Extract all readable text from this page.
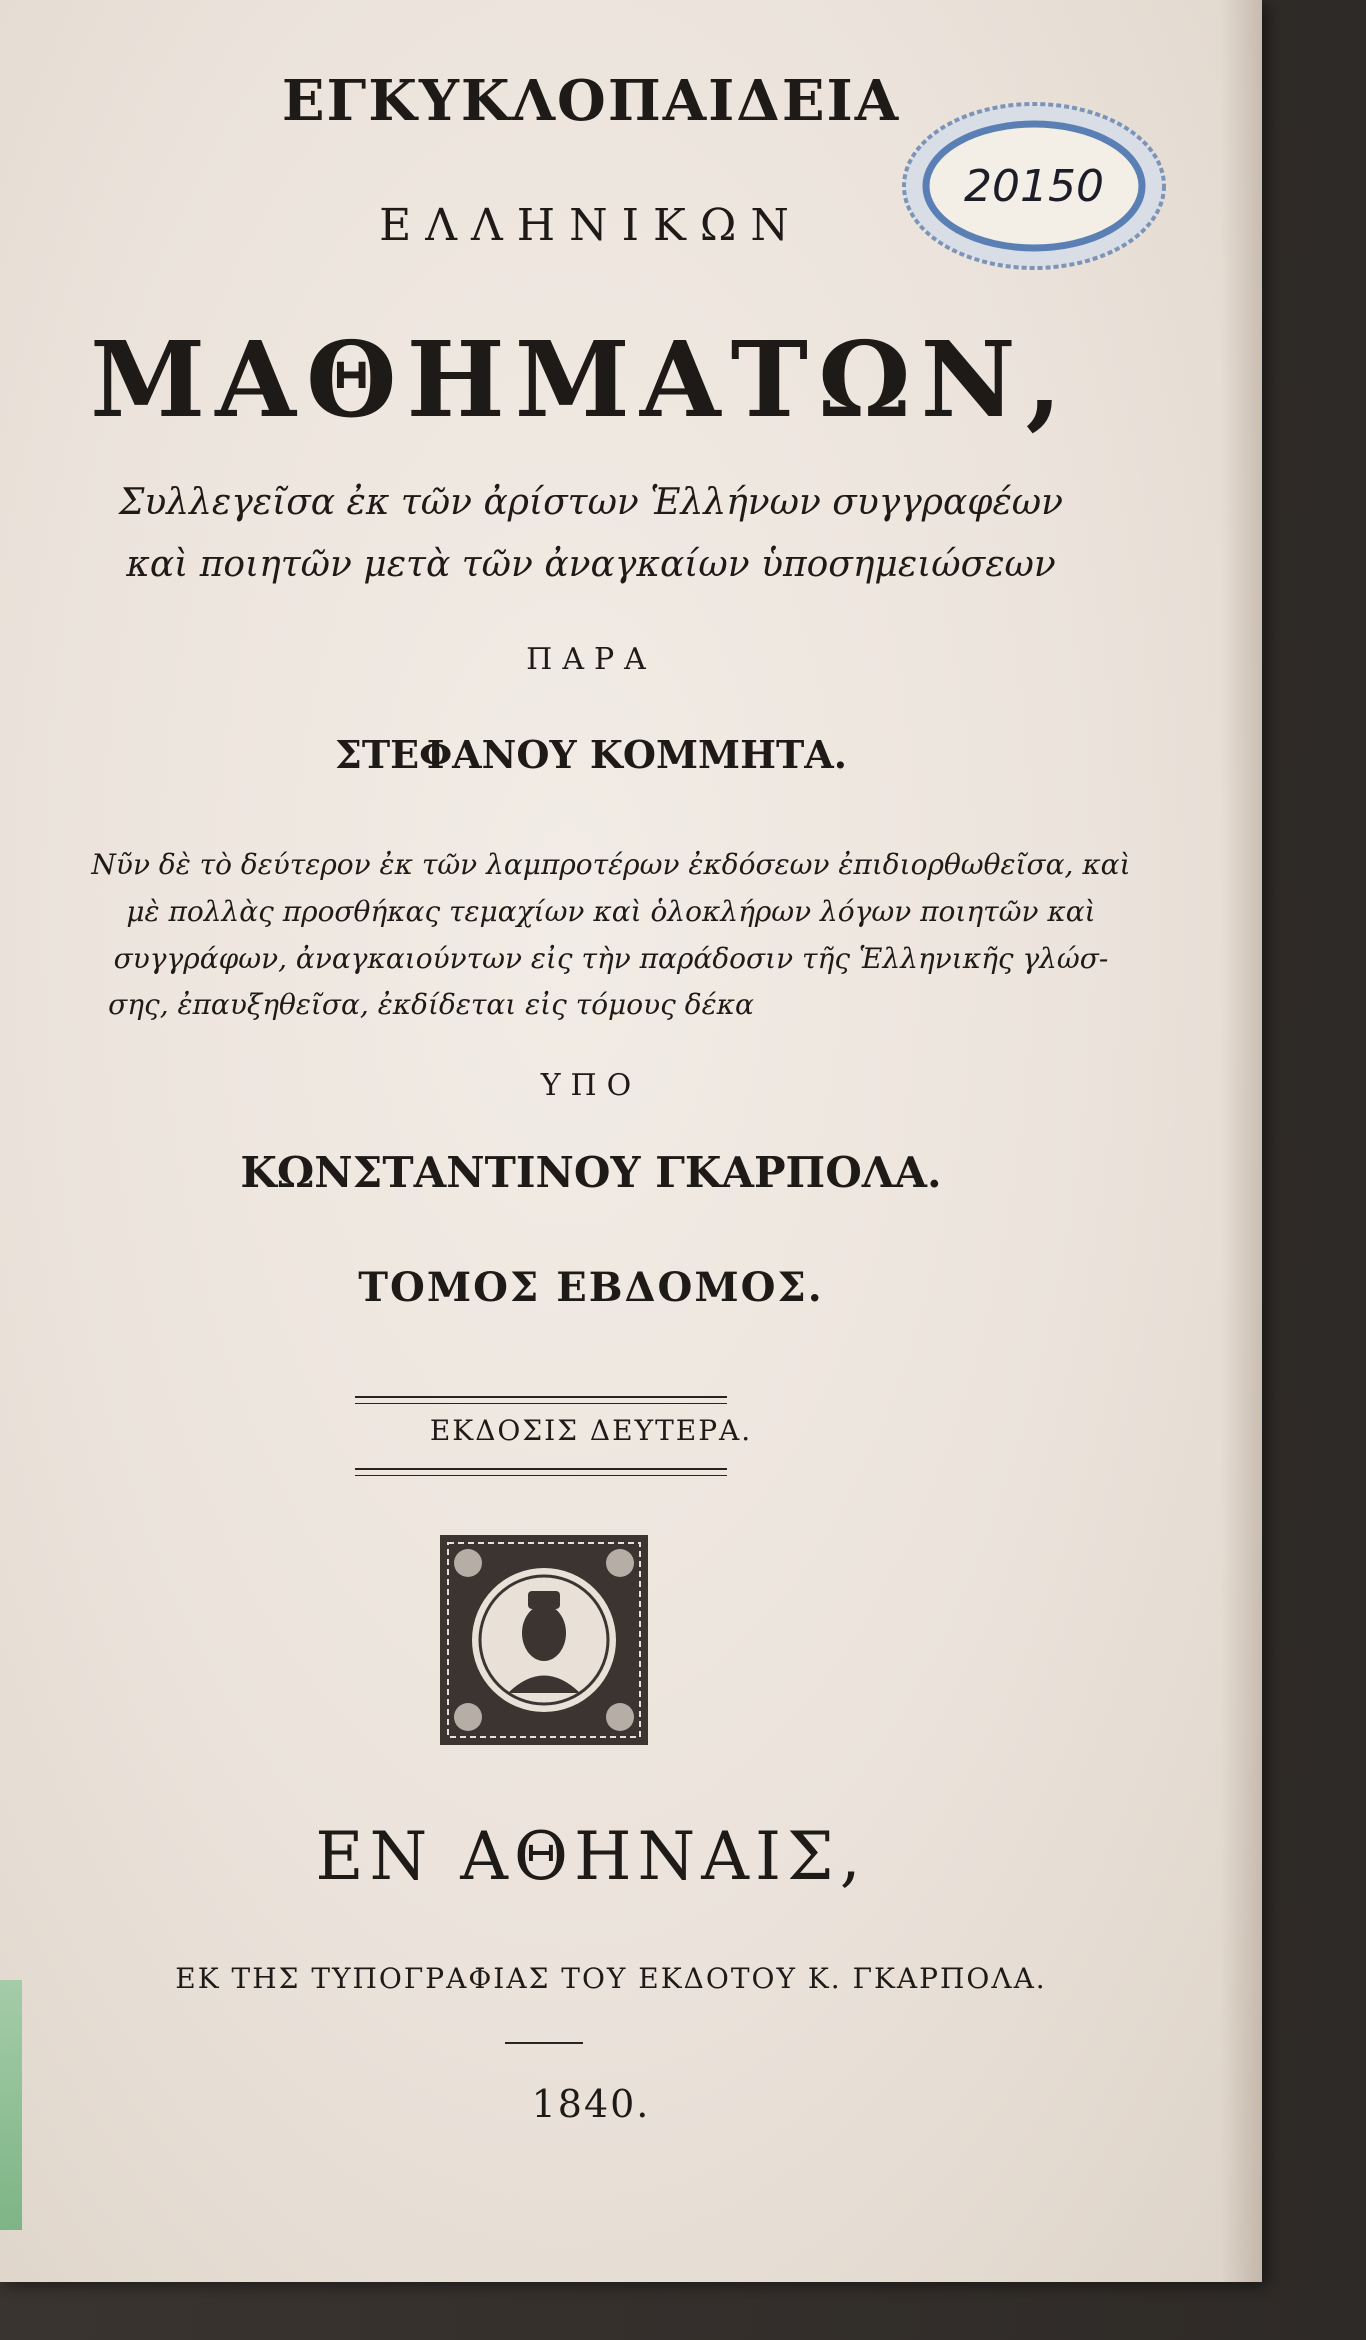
ΕΓΚΥΚΛΟΠΑΙΔΕΙΑ

ΕΛΛΗΝΙΚΩΝ

ΜΑΘΗΜΑΤΩΝ,

Συλλεγεῖσα ἐκ τῶν ἀρίστων Ἑλλήνων συγγραφέων

καὶ ποιητῶν μετὰ τῶν ἀναγκαίων ὑποσημειώσεων

ΠΑΡΑ

ΣΤΕΦΑΝΟΥ ΚΟΜΜΗΤΑ.

Νῦν δὲ τὸ δεύτερον ἐκ τῶν λαμπροτέρων ἐκδόσεων ἐπιδιορθωθεῖσα, καὶ

μὲ πολλὰς προσθήκας τεμαχίων καὶ ὁλοκλήρων λόγων ποιητῶν καὶ

συγγράφων, ἀναγκαιούντων εἰς τὴν παράδοσιν τῆς Ἑλληνικῆς γλώσ-

σης, ἐπαυξηθεῖσα, ἐκδίδεται εἰς τόμους δέκα

ΥΠΟ

ΚΩΝΣΤΑΝΤΙΝΟΥ ΓΚΑΡΠΟΛΑ.

ΤΟΜΟΣ ΕΒΔΟΜΟΣ.

ΕΚΔΟΣΙΣ ΔΕΥΤΕΡΑ.

ΕΝ ΑΘΗΝΑΙΣ,

ΕΚ ΤΗΣ ΤΥΠΟΓΡΑΦΙΑΣ ΤΟΥ ΕΚΔΟΤΟΥ Κ. ΓΚΑΡΠΟΛΑ.

1840.

20150
